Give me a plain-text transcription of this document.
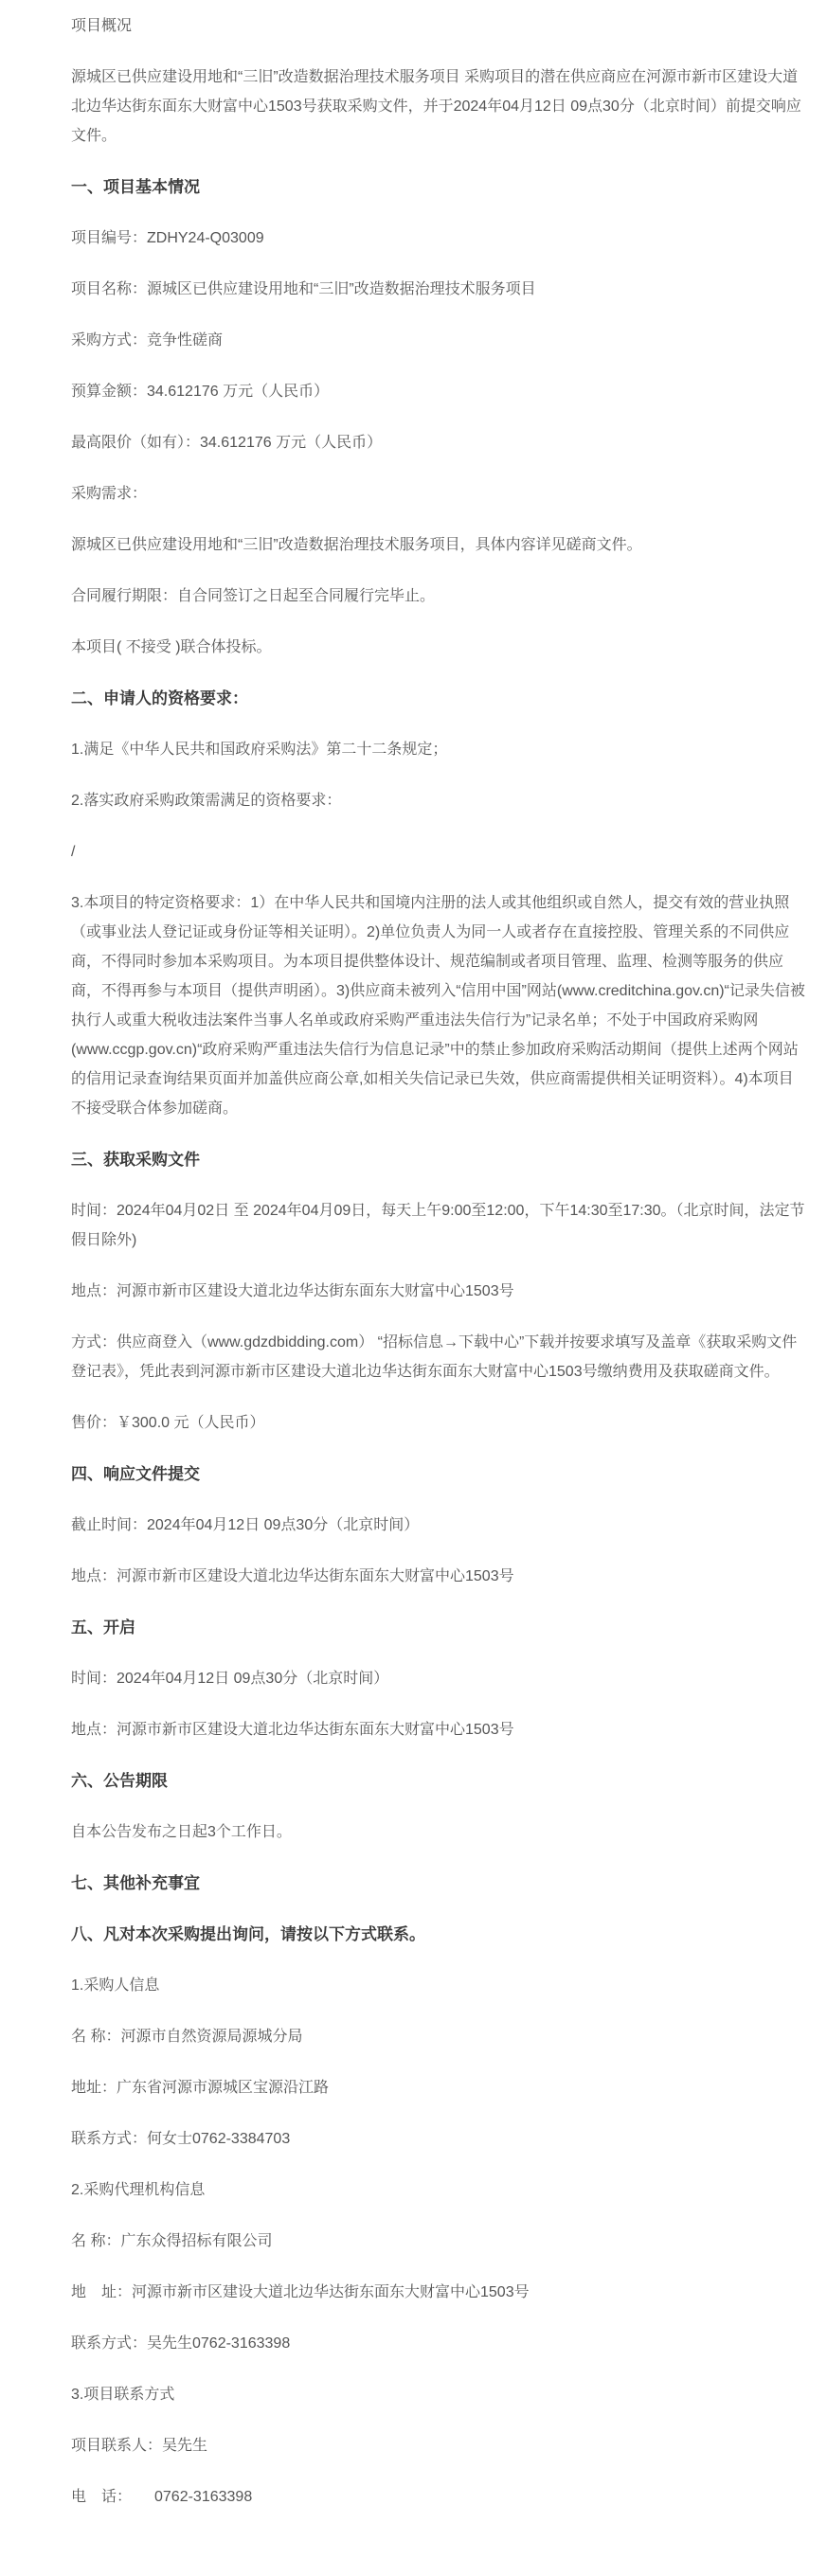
项目概况

源城区已供应建设用地和“三旧”改造数据治理技术服务项目 采购项目的潜在供应商应在河源市新市区建设大道北边华达街东面东大财富中心1503号获取采购文件，并于2024年04月12日 09点30分（北京时间）前提交响应文件。

一、项目基本情况

项目编号：ZDHY24-Q03009

项目名称：源城区已供应建设用地和“三旧”改造数据治理技术服务项目

采购方式：竞争性磋商

预算金额：34.612176 万元（人民币）

最高限价（如有）：34.612176 万元（人民币）

采购需求：

源城区已供应建设用地和“三旧”改造数据治理技术服务项目，具体内容详见磋商文件。

合同履行期限：自合同签订之日起至合同履行完毕止。

本项目( 不接受 )联合体投标。

二、申请人的资格要求：

1.满足《中华人民共和国政府采购法》第二十二条规定；

2.落实政府采购政策需满足的资格要求：

/

3.本项目的特定资格要求：1）在中华人民共和国境内注册的法人或其他组织或自然人，提交有效的营业执照（或事业法人登记证或身份证等相关证明）。2)单位负责人为同一人或者存在直接控股、管理关系的不同供应商，不得同时参加本采购项目。为本项目提供整体设计、规范编制或者项目管理、监理、检测等服务的供应商，不得再参与本项目（提供声明函）。3)供应商未被列入“信用中国”网站(www.creditchina.gov.cn)“记录失信被执行人或重大税收违法案件当事人名单或政府采购严重违法失信行为”记录名单；不处于中国政府采购网(www.ccgp.gov.cn)“政府采购严重违法失信行为信息记录”中的禁止参加政府采购活动期间（提供上述两个网站的信用记录查询结果页面并加盖供应商公章,如相关失信记录已失效，供应商需提供相关证明资料）。4)本项目不接受联合体参加磋商。

三、获取采购文件

时间：2024年04月02日 至 2024年04月09日，每天上午9:00至12:00，下午14:30至17:30。（北京时间，法定节假日除外)

地点：河源市新市区建设大道北边华达街东面东大财富中心1503号

方式：供应商登入（www.gdzdbidding.com） “招标信息→下载中心”下载并按要求填写及盖章《获取采购文件登记表》，凭此表到河源市新市区建设大道北边华达街东面东大财富中心1503号缴纳费用及获取磋商文件。

售价：￥300.0 元（人民币）

四、响应文件提交

截止时间：2024年04月12日 09点30分（北京时间）

地点：河源市新市区建设大道北边华达街东面东大财富中心1503号

五、开启

时间：2024年04月12日 09点30分（北京时间）

地点：河源市新市区建设大道北边华达街东面东大财富中心1503号

六、公告期限

自本公告发布之日起3个工作日。

七、其他补充事宜
八、凡对本次采购提出询问，请按以下方式联系。

1.采购人信息

名 称：河源市自然资源局源城分局

地址：广东省河源市源城区宝源沿江路

联系方式：何女士0762-3384703

2.采购代理机构信息

名 称：广东众得招标有限公司

地　址：河源市新市区建设大道北边华达街东面东大财富中心1503号

联系方式：吴先生0762-3163398

3.项目联系方式

项目联系人：吴先生

电　话：　　0762-3163398
